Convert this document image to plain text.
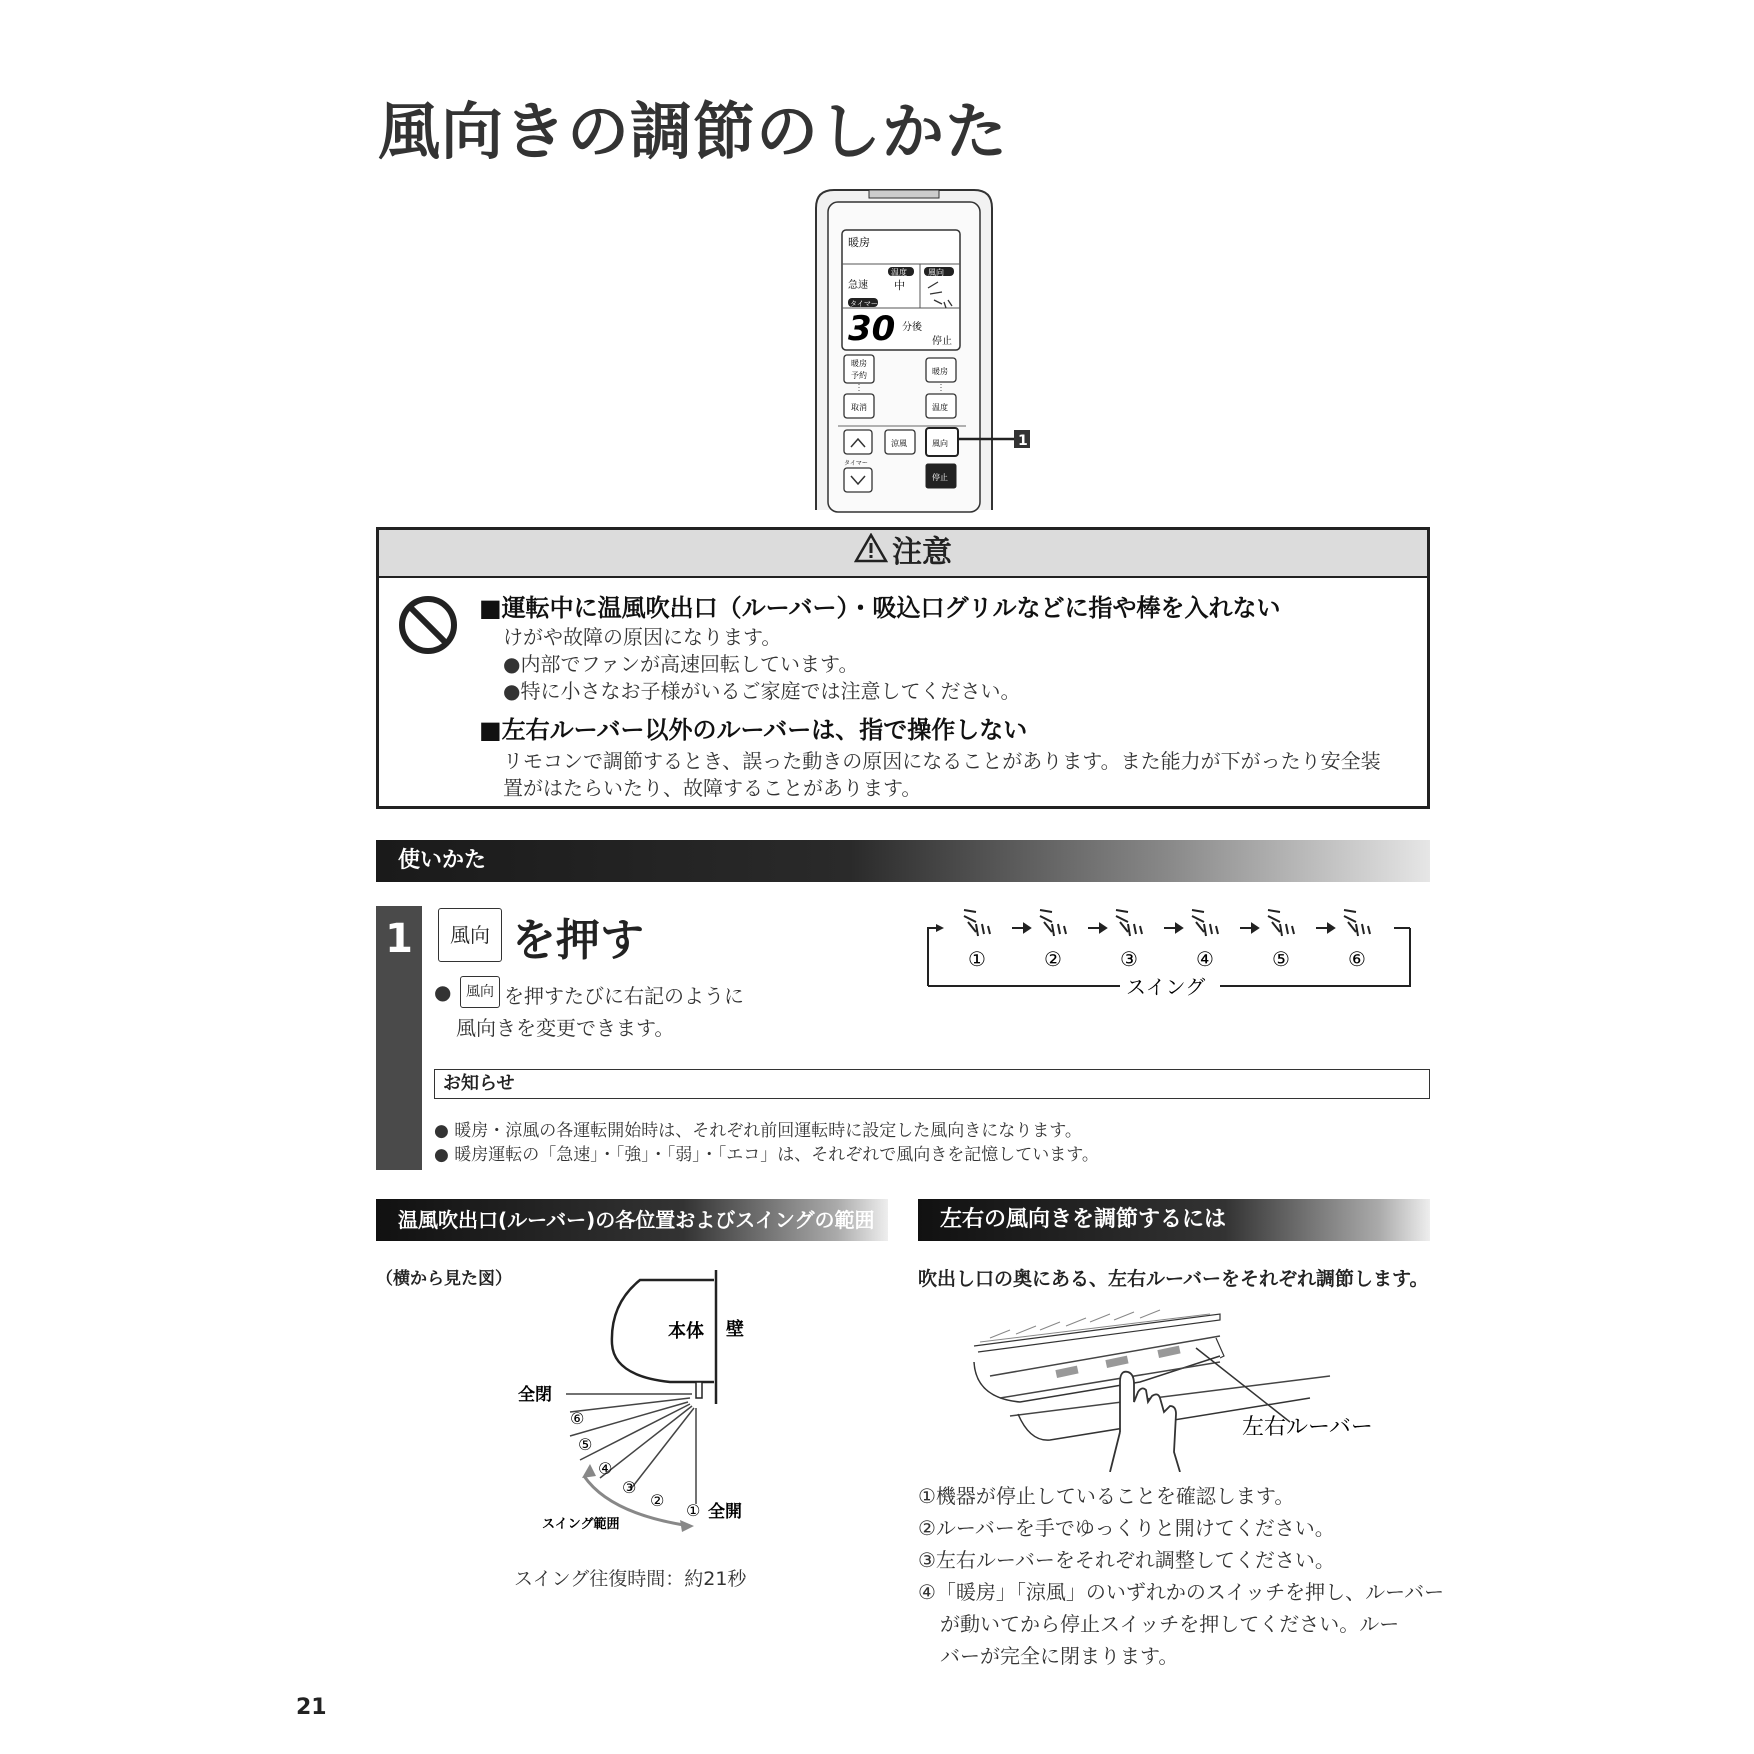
風向きの調節のしかた
暖房
温度	風向
急速 中
タイマー
30 分後
停止
暖房
予約	暖房
取消	温度
涼風	風向
タイマー
停止
1
注意
■運転中に温風吹出口（ルーバー）・吸込口グリルなどに指や棒を入れない
けがや故障の原因になります。
●内部でファンが高速回転しています。
●特に小さなお子様がいるご家庭では注意してください。
■左右ルーバー以外のルーバーは、指で操作しない
リモコンで調節するとき、誤った動きの原因になることがあります。また能力が下がったり安全装
置がはたらいたり、故障することがあります。
使いかた
1	風向 を押す
●	風向 を押すたびに右記のように
風向きを変更できます。
①	②	③	④	⑤	⑥
スイング
お知らせ
● 暖房・涼風の各運転開始時は、それぞれ前回運転時に設定した風向きになります。
● 暖房運転の「急速」・「強」・「弱」・「エコ」は、それぞれで風向きを記憶しています。
温風吹出口(ルーバー)の各位置およびスイングの範囲
（横から見た図）
本体 壁
全閉
⑥
⑤
④
③
②
① 全開
スイング範囲
スイング往復時間：約21秒
左右の風向きを調節するには
吹出し口の奥にある、左右ルーバーをそれぞれ調節します。
左右ルーバー
①機器が停止していることを確認します。
②ルーバーを手でゆっくりと開けてください。
③左右ルーバーをそれぞれ調整してください。
④「暖房」「涼風」のいずれかのスイッチを押し、ルーバー
が動いてから停止スイッチを押してください。ルー
バーが完全に閉まります。
21
